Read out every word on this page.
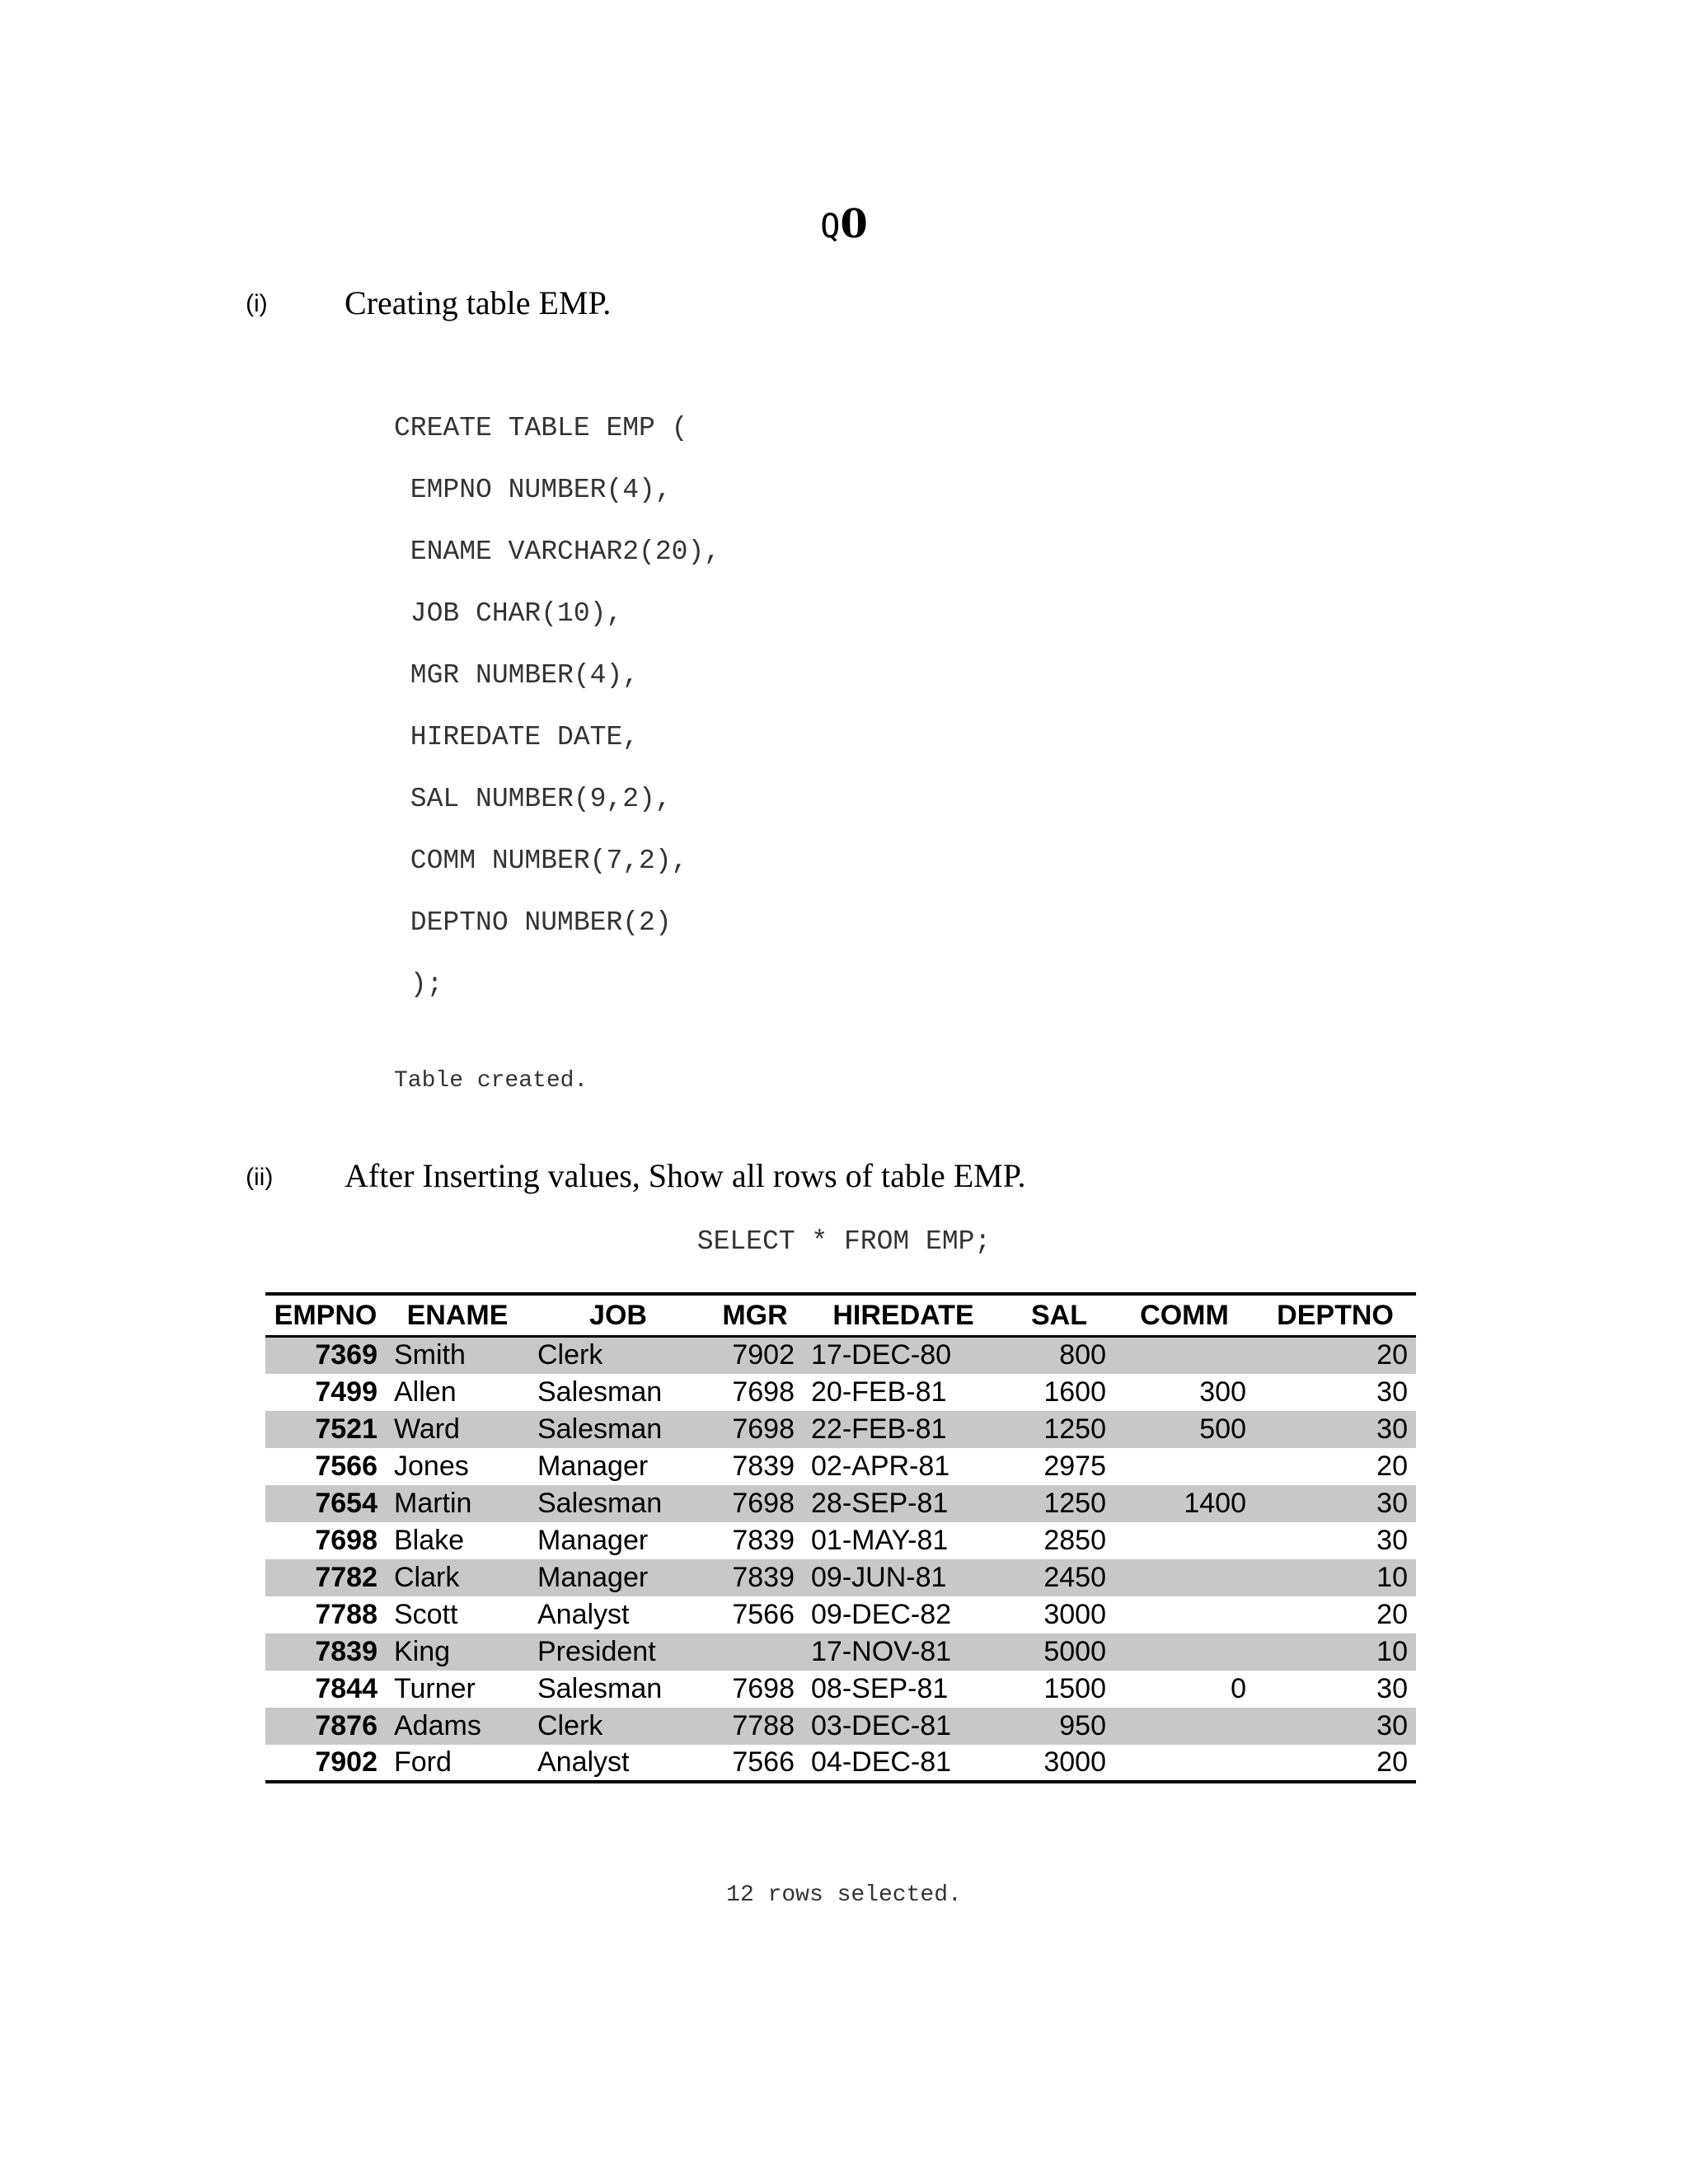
Q0
(i) Creating table EMP.
CREATE TABLE EMP (
EMPNO NUMBER(4),
ENAME VARCHAR2(20),
JOB CHAR(10),
MGR NUMBER(4),
HIREDATE DATE,
SAL NUMBER(9,2),
COMM NUMBER(7,2),
DEPTNO NUMBER(2)
);
Table created.
(ii) After Inserting values, Show all rows of table EMP.
SELECT * FROM EMP;
EMPNO	ENAME	JOB	MGR	HIREDATE	SAL	COMM	DEPTNO
7369	Smith	Clerk	7902	17-DEC-80	800		20
7499	Allen	Salesman	7698	20-FEB-81	1600	300	30
7521	Ward	Salesman	7698	22-FEB-81	1250	500	30
7566	Jones	Manager	7839	02-APR-81	2975		20
7654	Martin	Salesman	7698	28-SEP-81	1250	1400	30
7698	Blake	Manager	7839	01-MAY-81	2850		30
7782	Clark	Manager	7839	09-JUN-81	2450		10
7788	Scott	Analyst	7566	09-DEC-82	3000		20
7839	King	President		17-NOV-81	5000		10
7844	Turner	Salesman	7698	08-SEP-81	1500	0	30
7876	Adams	Clerk	7788	03-DEC-81	950		30
7902	Ford	Analyst	7566	04-DEC-81	3000		20
12 rows selected.
